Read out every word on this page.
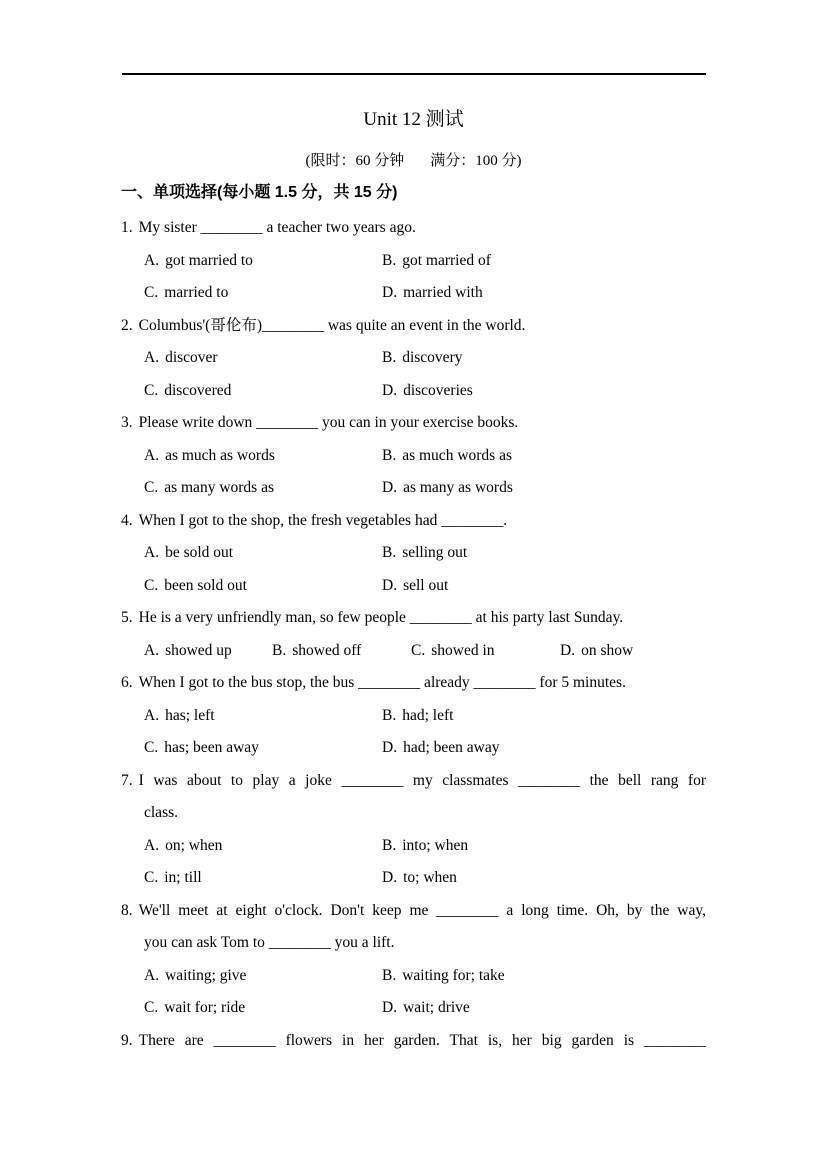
Unit 12 测试
(限时：60 分钟 满分：100 分)
一、单项选择(每小题 1.5 分，共 15 分)
1. My sister ________ a teacher two years ago.
A. got married to	B. got married of
C. married to	D. married with
2. Columbus'(哥伦布)________ was quite an event in the world.
A. discover	B. discovery
C. discovered	D. discoveries
3. Please write down ________ you can in your exercise books.
A. as much as words	B. as much words as
C. as many words as	D. as many as words
4. When I got to the shop, the fresh vegetables had ________.
A. be sold out	B. selling out
C. been sold out	D. sell out
5. He is a very unfriendly man, so few people ________ at his party last Sunday.
A. showed up	B. showed off	C. showed in	D. on show
6. When I got to the bus stop, the bus ________ already ________ for 5 minutes.
A. has; left	B. had; left
C. has; been away	D. had; been away
7. I was about to play a joke ________ my classmates ________ the bell rang for
class.
A. on; when	B. into; when
C. in; till	D. to; when
8. We'll meet at eight o'clock. Don't keep me ________ a long time. Oh, by the way,
you can ask Tom to ________ you a lift.
A. waiting; give	B. waiting for; take
C. wait for; ride	D. wait; drive
9. There are ________ flowers in her garden. That is, her big garden is ________
